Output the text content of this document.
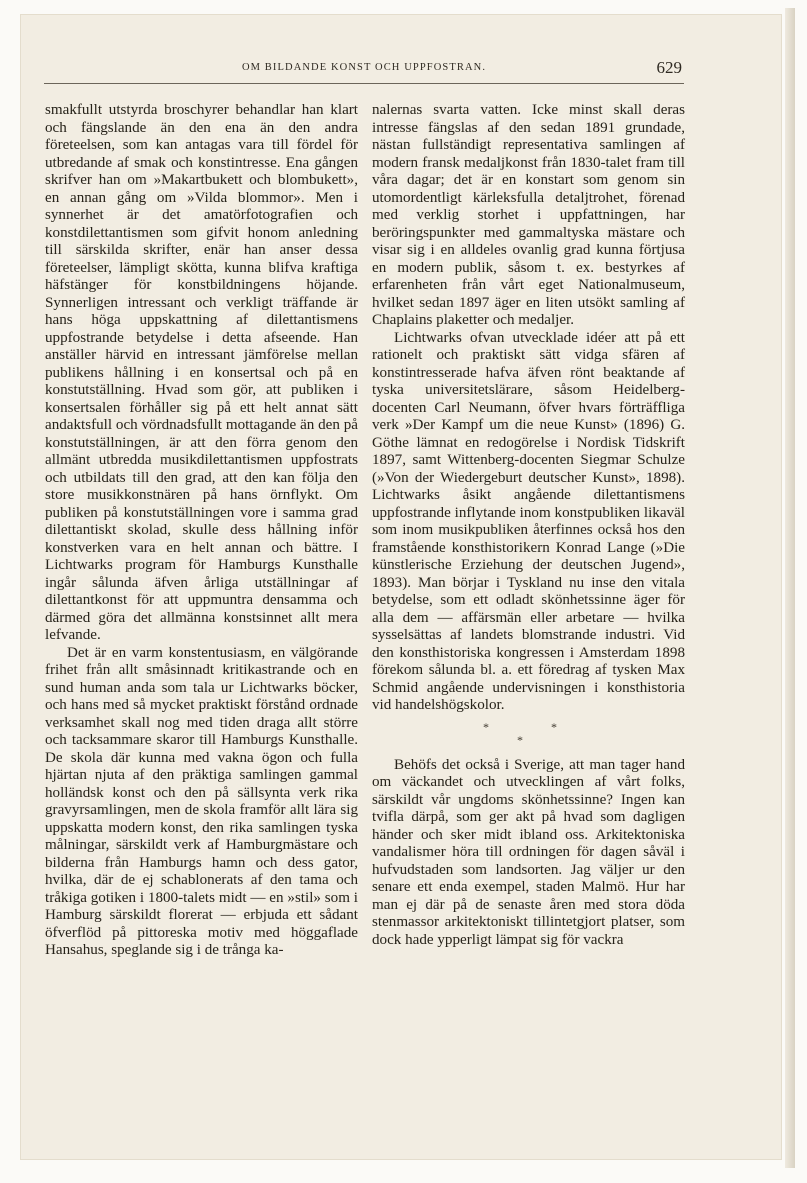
OM BILDANDE KONST OCH UPPFOSTRAN.	629

smakfullt utstyrda broschyrer behandlar han klart och fängslande än den ena än den andra företeelsen, som kan antagas vara till fördel för utbredande af smak och konstintresse. Ena gången skrifver han om »Makartbukett och blombukett», en annan gång om »Vilda blommor». Men i synnerhet är det amatörfotografien och konstdilettantismen som gifvit honom anledning till särskilda skrifter, enär han anser dessa företeelser, lämpligt skötta, kunna blifva kraftiga häfstänger för konstbildningens höjande. Synnerligen intressant och verkligt träffande är hans höga uppskattning af dilettantismens uppfostrande betydelse i detta afseende. Han anställer härvid en intressant jämförelse mellan publikens hållning i en konsertsal och på en konstutställning. Hvad som gör, att publiken i konsertsalen förhåller sig på ett helt annat sätt andaktsfull och vördnadsfullt mottagande än den på konstutställningen, är att den förra genom den allmänt utbredda musikdilettantismen uppfostrats och utbildats till den grad, att den kan följa den store musikkonstnären på hans örnflykt. Om publiken på konstutställningen vore i samma grad dilettantiskt skolad, skulle dess hållning inför konstverken vara en helt annan och bättre. I Lichtwarks program för Hamburgs Kunsthalle ingår sålunda äfven årliga utställningar af dilettantkonst för att uppmuntra densamma och därmed göra det allmänna konstsinnet allt mera lefvande.

Det är en varm konstentusiasm, en välgörande frihet från allt småsinnadt kritikastrande och en sund human anda som tala ur Lichtwarks böcker, och hans med så mycket praktiskt förstånd ordnade verksamhet skall nog med tiden draga allt större och tacksammare skaror till Hamburgs Kunsthalle. De skola där kunna med vakna ögon och fulla hjärtan njuta af den präktiga samlingen gammal holländsk konst och den på sällsynta verk rika gravyrsamlingen, men de skola framför allt lära sig uppskatta modern konst, den rika samlingen tyska målningar, särskildt verk af Hamburgmästare och bilderna från Hamburgs hamn och dess gator, hvilka, där de ej schablonerats af den tama och tråkiga gotiken i 1800-talets midt — en »stil» som i Hamburg särskildt florerat — erbjuda ett sådant öfverflöd på pittoreska motiv med höggaflade Hansahus, speglande sig i de trånga ka-

nalernas svarta vatten. Icke minst skall deras intresse fängslas af den sedan 1891 grundade, nästan fullständigt representativa samlingen af modern fransk medaljkonst från 1830-talet fram till våra dagar; det är en konstart som genom sin utomordentligt kärleksfulla detaljtrohet, förenad med verklig storhet i uppfattningen, har beröringspunkter med gammaltyska mästare och visar sig i en alldeles ovanlig grad kunna förtjusa en modern publik, såsom t. ex. bestyrkes af erfarenheten från vårt eget Nationalmuseum, hvilket sedan 1897 äger en liten utsökt samling af Chaplains plaketter och medaljer.

Lichtwarks ofvan utvecklade idéer att på ett rationelt och praktiskt sätt vidga sfären af konstintresserade hafva äfven rönt beaktande af tyska universitetslärare, såsom Heidelberg-docenten Carl Neumann, öfver hvars förträffliga verk »Der Kampf um die neue Kunst» (1896) G. Göthe lämnat en redogörelse i Nordisk Tidskrift 1897, samt Wittenberg-docenten Siegmar Schulze (»Von der Wiedergeburt deutscher Kunst», 1898). Lichtwarks åsikt angående dilettantismens uppfostrande inflytande inom konstpubliken likaväl som inom musikpubliken återfinnes också hos den framstående konsthistorikern Konrad Lange (»Die künstlerische Erziehung der deutschen Jugend», 1893). Man börjar i Tyskland nu inse den vitala betydelse, som ett odladt skönhetssinne äger för alla dem — affärsmän eller arbetare — hvilka sysselsättas af landets blomstrande industri. Vid den konsthistoriska kongressen i Amsterdam 1898 förekom sålunda bl. a. ett föredrag af tysken Max Schmid angående undervisningen i konsthistoria vid handelshögskolor.

*	*
*

Behöfs det också i Sverige, att man tager hand om väckandet och utvecklingen af vårt folks, särskildt vår ungdoms skönhetssinne? Ingen kan tvifla därpå, som ger akt på hvad som dagligen händer och sker midt ibland oss. Arkitektoniska vandalismer höra till ordningen för dagen såväl i hufvudstaden som landsorten. Jag väljer ur den senare ett enda exempel, staden Malmö. Hur har man ej där på de senaste åren med stora döda stenmassor arkitektoniskt tillintetgjort platser, som dock hade ypperligt lämpat sig för vackra
